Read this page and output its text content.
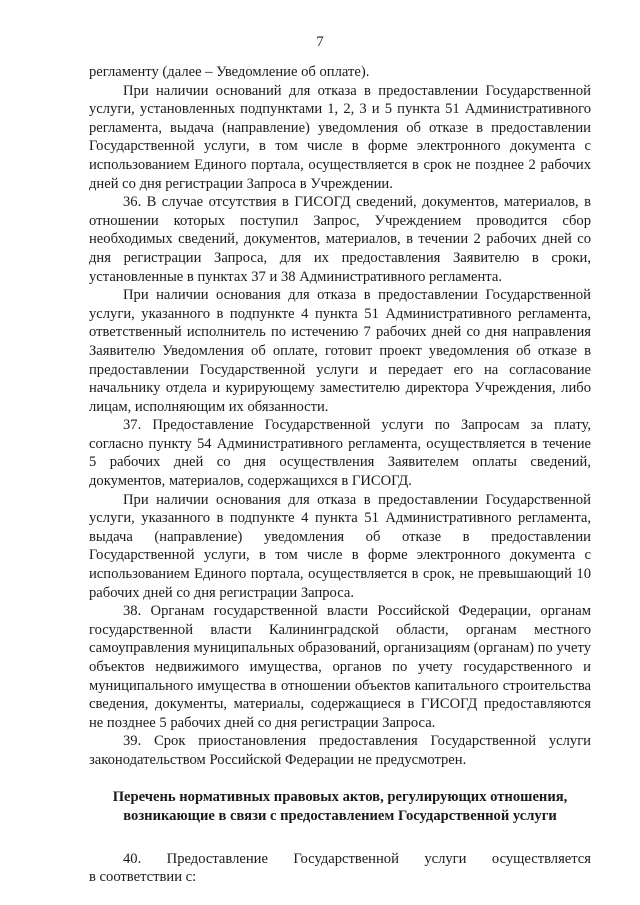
7

регламенту (далее – Уведомление об оплате).

При наличии оснований для отказа в предоставлении Государственной услуги, установленных подпунктами 1, 2, 3 и 5 пункта 51 Административного регламента, выдача (направление) уведомления об отказе в предоставлении Государственной услуги, в том числе в форме электронного документа с использованием Единого портала, осуществляется в срок не позднее 2 рабочих дней со дня регистрации Запроса в Учреждении.

36. В случае отсутствия в ГИСОГД сведений, документов, материалов, в отношении которых поступил Запрос, Учреждением проводится сбор необходимых сведений, документов, материалов, в течении 2 рабочих дней со дня регистрации Запроса, для их предоставления Заявителю в сроки, установленные в пунктах 37 и 38 Административного регламента.

При наличии основания для отказа в предоставлении Государственной услуги, указанного в подпункте 4 пункта 51 Административного регламента, ответственный исполнитель по истечению 7 рабочих дней со дня направления Заявителю Уведомления об оплате, готовит проект уведомления об отказе в предоставлении Государственной услуги и передает его на согласование начальнику отдела и курирующему заместителю директора Учреждения, либо лицам, исполняющим их обязанности.

37. Предоставление Государственной услуги по Запросам за плату, согласно пункту 54 Административного регламента, осуществляется в течение 5 рабочих дней со дня осуществления Заявителем оплаты сведений, документов, материалов, содержащихся в ГИСОГД.

При наличии основания для отказа в предоставлении Государственной услуги, указанного в подпункте 4 пункта 51 Административного регламента, выдача (направление) уведомления об отказе в предоставлении Государственной услуги, в том числе в форме электронного документа с использованием Единого портала, осуществляется в срок, не превышающий 10 рабочих дней со дня регистрации Запроса.

38. Органам государственной власти Российской Федерации, органам государственной власти Калининградской области, органам местного самоуправления муниципальных образований, организациям (органам) по учету объектов недвижимого имущества, органов по учету государственного и муниципального имущества в отношении объектов капитального строительства сведения, документы, материалы, содержащиеся в ГИСОГД предоставляются не позднее 5 рабочих дней со дня регистрации Запроса.

39. Срок приостановления предоставления Государственной услуги законодательством Российской Федерации не предусмотрен.

Перечень нормативных правовых актов, регулирующих отношения,
возникающие в связи с предоставлением Государственной услуги

40. Предоставление Государственной услуги осуществляется

в соответствии с:
